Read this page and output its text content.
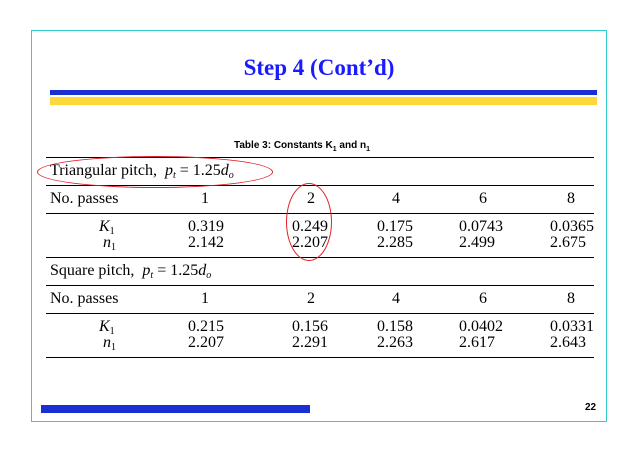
Step 4 (Cont’d)
Table 3: Constants $K_1$ and $n_1$
Triangular pitch, $p_t = 1.25d_o$
No. passes	1	2	4	6	8
$K_1$	0.319	0.249	0.175	0.0743	0.0365
$n_1$	2.142	2.207	2.285	2.499	2.675
Square pitch, $p_t = 1.25d_o$
No. passes	1	2	4	6	8
$K_1$	0.215	0.156	0.158	0.0402	0.0331
$n_1$	2.207	2.291	2.263	2.617	2.643
22
